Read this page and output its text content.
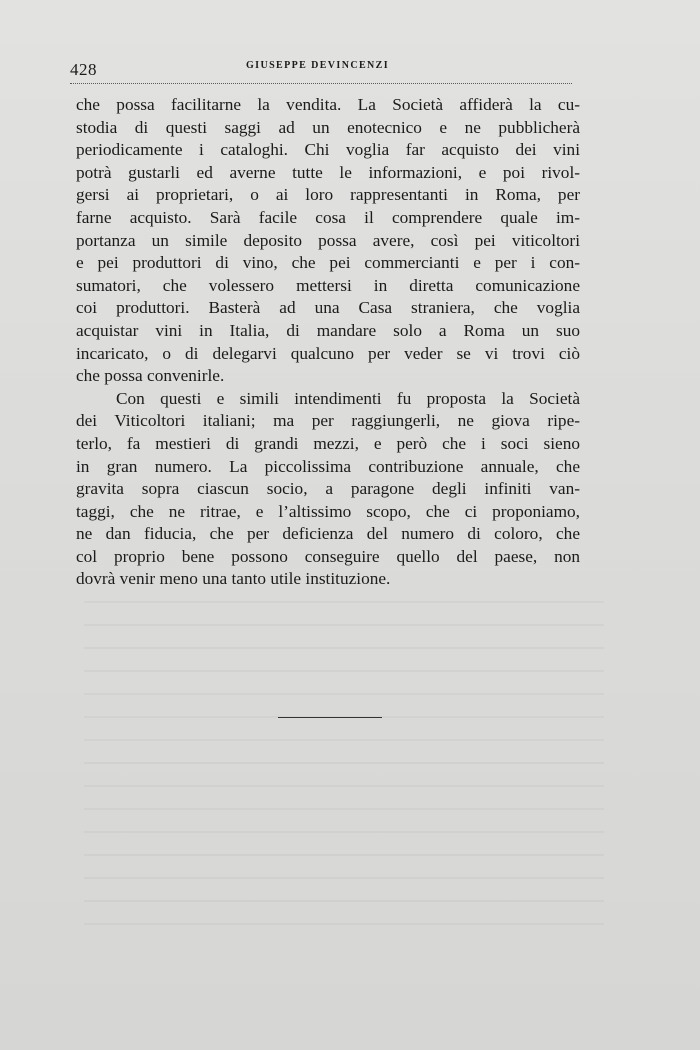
428	GIUSEPPE DEVINCENZI
che possa facilitarne la vendita. La Società affiderà la cu-
stodia di questi saggi ad un enotecnico e ne pubblicherà
periodicamente i cataloghi. Chi voglia far acquisto dei vini
potrà gustarli ed averne tutte le informazioni, e poi rivol-
gersi ai proprietari, o ai loro rappresentanti in Roma, per
farne acquisto. Sarà facile cosa il comprendere quale im-
portanza un simile deposito possa avere, così pei viticoltori
e pei produttori di vino, che pei commercianti e per i con-
sumatori, che volessero mettersi in diretta comunicazione
coi produttori. Basterà ad una Casa straniera, che voglia
acquistar vini in Italia, di mandare solo a Roma un suo
incaricato, o di delegarvi qualcuno per veder se vi trovi ciò
che possa convenirle.
Con questi e simili intendimenti fu proposta la Società
dei Viticoltori italiani; ma per raggiungerli, ne giova ripe-
terlo, fa mestieri di grandi mezzi, e però che i soci sieno
in gran numero. La piccolissima contribuzione annuale, che
gravita sopra ciascun socio, a paragone degli infiniti van-
taggi, che ne ritrae, e l’altissimo scopo, che ci proponiamo,
ne dan fiducia, che per deficienza del numero di coloro, che
col proprio bene possono conseguire quello del paese, non
dovrà venir meno una tanto utile instituzione.
